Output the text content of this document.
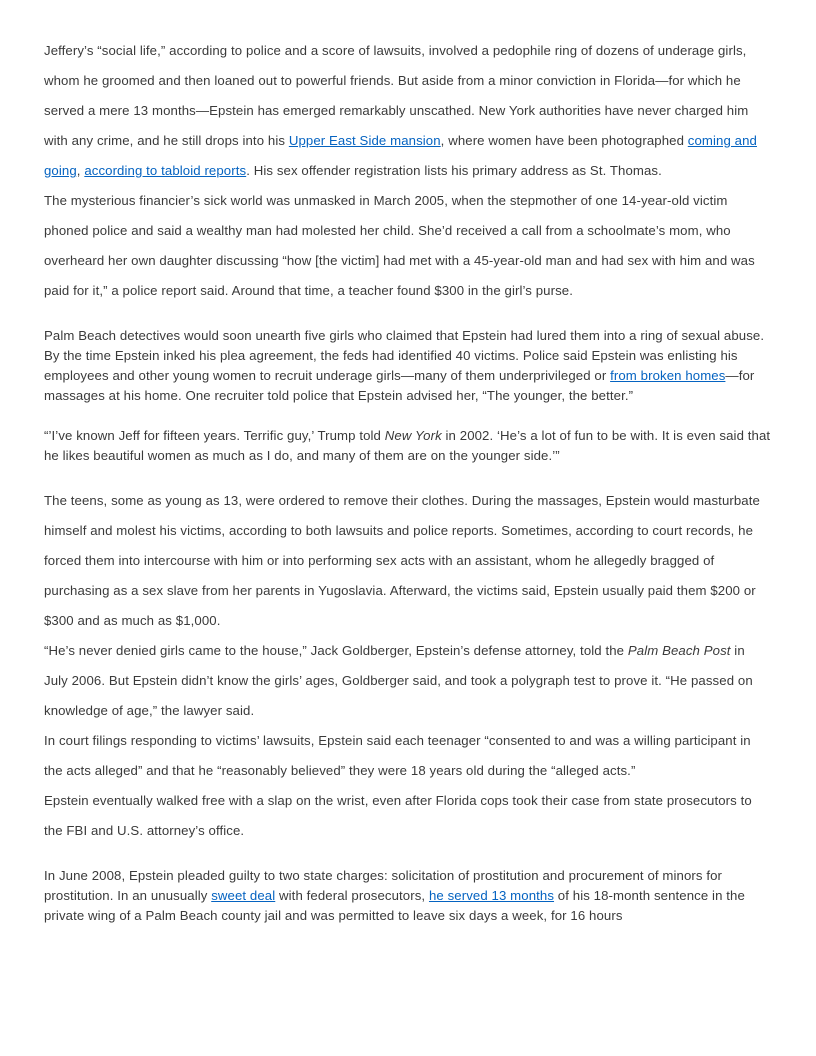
Jeffery’s “social life,” according to police and a score of lawsuits, involved a pedophile ring of dozens of underage girls, whom he groomed and then loaned out to powerful friends. But aside from a minor conviction in Florida—for which he served a mere 13 months—Epstein has emerged remarkably unscathed. New York authorities have never charged him with any crime, and he still drops into his Upper East Side mansion, where women have been photographed coming and going, according to tabloid reports. His sex offender registration lists his primary address as St. Thomas.

The mysterious financier’s sick world was unmasked in March 2005, when the stepmother of one 14-year-old victim phoned police and said a wealthy man had molested her child. She’d received a call from a schoolmate’s mom, who overheard her own daughter discussing “how [the victim] had met with a 45-year-old man and had sex with him and was paid for it,” a police report said. Around that time, a teacher found $300 in the girl’s purse.

Palm Beach detectives would soon unearth five girls who claimed that Epstein had lured them into a ring of sexual abuse. By the time Epstein inked his plea agreement, the feds had identified 40 victims. Police said Epstein was enlisting his employees and other young women to recruit underage girls—many of them underprivileged or from broken homes—for massages at his home. One recruiter told police that Epstein advised her, “The younger, the better.”

“’I’ve known Jeff for fifteen years. Terrific guy,’ Trump told New York in 2002. ‘He’s a lot of fun to be with. It is even said that he likes beautiful women as much as I do, and many of them are on the younger side.’”

The teens, some as young as 13, were ordered to remove their clothes. During the massages, Epstein would masturbate himself and molest his victims, according to both lawsuits and police reports. Sometimes, according to court records, he forced them into intercourse with him or into performing sex acts with an assistant, whom he allegedly bragged of purchasing as a sex slave from her parents in Yugoslavia. Afterward, the victims said, Epstein usually paid them $200 or $300 and as much as $1,000.

“He’s never denied girls came to the house,” Jack Goldberger, Epstein’s defense attorney, told the Palm Beach Post in July 2006. But Epstein didn’t know the girls’ ages, Goldberger said, and took a polygraph test to prove it. “He passed on knowledge of age,” the lawyer said.

In court filings responding to victims’ lawsuits, Epstein said each teenager “consented to and was a willing participant in the acts alleged” and that he “reasonably believed” they were 18 years old during the “alleged acts.”

Epstein eventually walked free with a slap on the wrist, even after Florida cops took their case from state prosecutors to the FBI and U.S. attorney’s office.

In June 2008, Epstein pleaded guilty to two state charges: solicitation of prostitution and procurement of minors for prostitution. In an unusually sweet deal with federal prosecutors, he served 13 months of his 18-month sentence in the private wing of a Palm Beach county jail and was permitted to leave six days a week, for 16 hours
